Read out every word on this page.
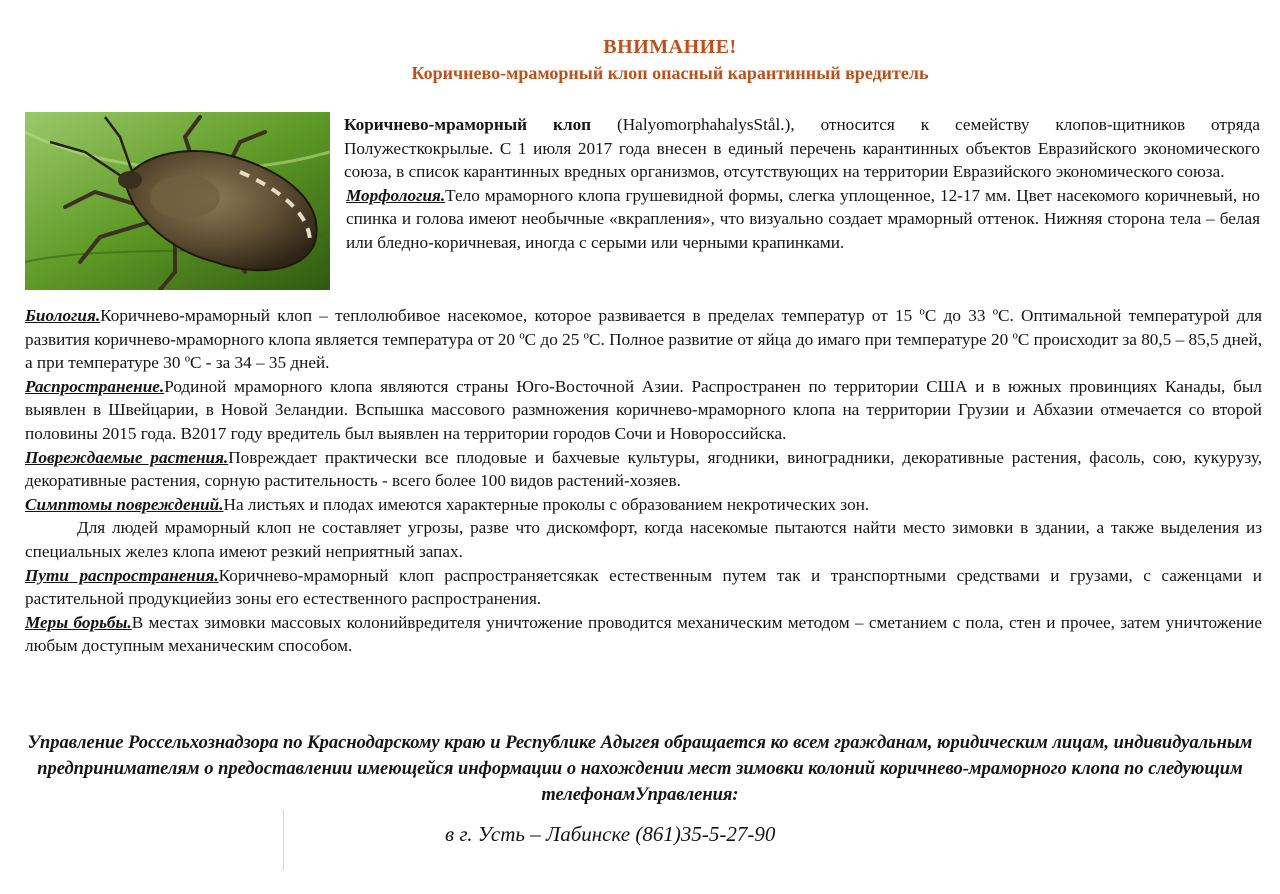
ВНИМАНИЕ!
Коричнево-мраморный клоп опасный карантинный вредитель

Коричнево-мраморный клоп (HalyomorphahalysStål.), относится к семейству клопов-щитников отряда Полужесткокрылые. С 1 июля 2017 года внесен в единый перечень карантинных объектов Евразийского экономического союза, в список карантинных вредных организмов, отсутствующих на территории Евразийского экономического союза.

Морфология.Тело мраморного клопа грушевидной формы, слегка уплощенное, 12-17 мм. Цвет насекомого коричневый, но спинка и голова имеют необычные «вкрапления», что визуально создает мраморный оттенок. Нижняя сторона тела – белая или бледно-коричневая, иногда с серыми или черными крапинками.

Биология.Коричнево-мраморный клоп – теплолюбивое насекомое, которое развивается в пределах температур от 15 ºС до 33 ºС. Оптимальной температурой для развития коричнево-мраморного клопа является температура от 20 ºС до 25 ºС. Полное развитие от яйца до имаго при температуре 20 ºС происходит за 80,5 – 85,5 дней, а при температуре 30 ºС - за 34 – 35 дней.

Распространение.Родиной мраморного клопа являются страны Юго-Восточной Азии. Распространен по территории США и в южных провинциях Канады, был выявлен в Швейцарии, в Новой Зеландии. Вспышка массового размножения коричнево-мраморного клопа на территории Грузии и Абхазии отмечается со второй половины 2015 года. В2017 году вредитель был выявлен на территории городов Сочи и Новороссийска.

Повреждаемые растения.Повреждает практически все плодовые и бахчевые культуры, ягодники, виноградники, декоративные растения, фасоль, сою, кукурузу, декоративные растения, сорную растительность - всего более 100 видов растений-хозяев.

Симптомы повреждений.На листьях и плодах имеются характерные проколы с образованием некротических зон.

Для людей мраморный клоп не составляет угрозы, разве что дискомфорт, когда насекомые пытаются найти место зимовки в здании, а также выделения из специальных желез клопа имеют резкий неприятный запах.

Пути распространения.Коричнево-мраморный клоп распространяетсякак естественным путем так и транспортными средствами и грузами, с саженцами и растительной продукциейиз зоны его естественного распространения.

Меры борьбы.В местах зимовки массовых колонийвредителя уничтожение проводится механическим методом – сметанием с пола, стен и прочее, затем уничтожение любым доступным механическим способом.

Управление Россельхознадзора по Краснодарскому краю и Республике Адыгея обращается ко всем гражданам, юридическим лицам, индивидуальным предпринимателям о предоставлении имеющейся информации о нахождении мест зимовки колоний коричнево-мраморного клопа по следующим телефонамУправления:
в г. Усть – Лабинске (861)35-5-27-90
